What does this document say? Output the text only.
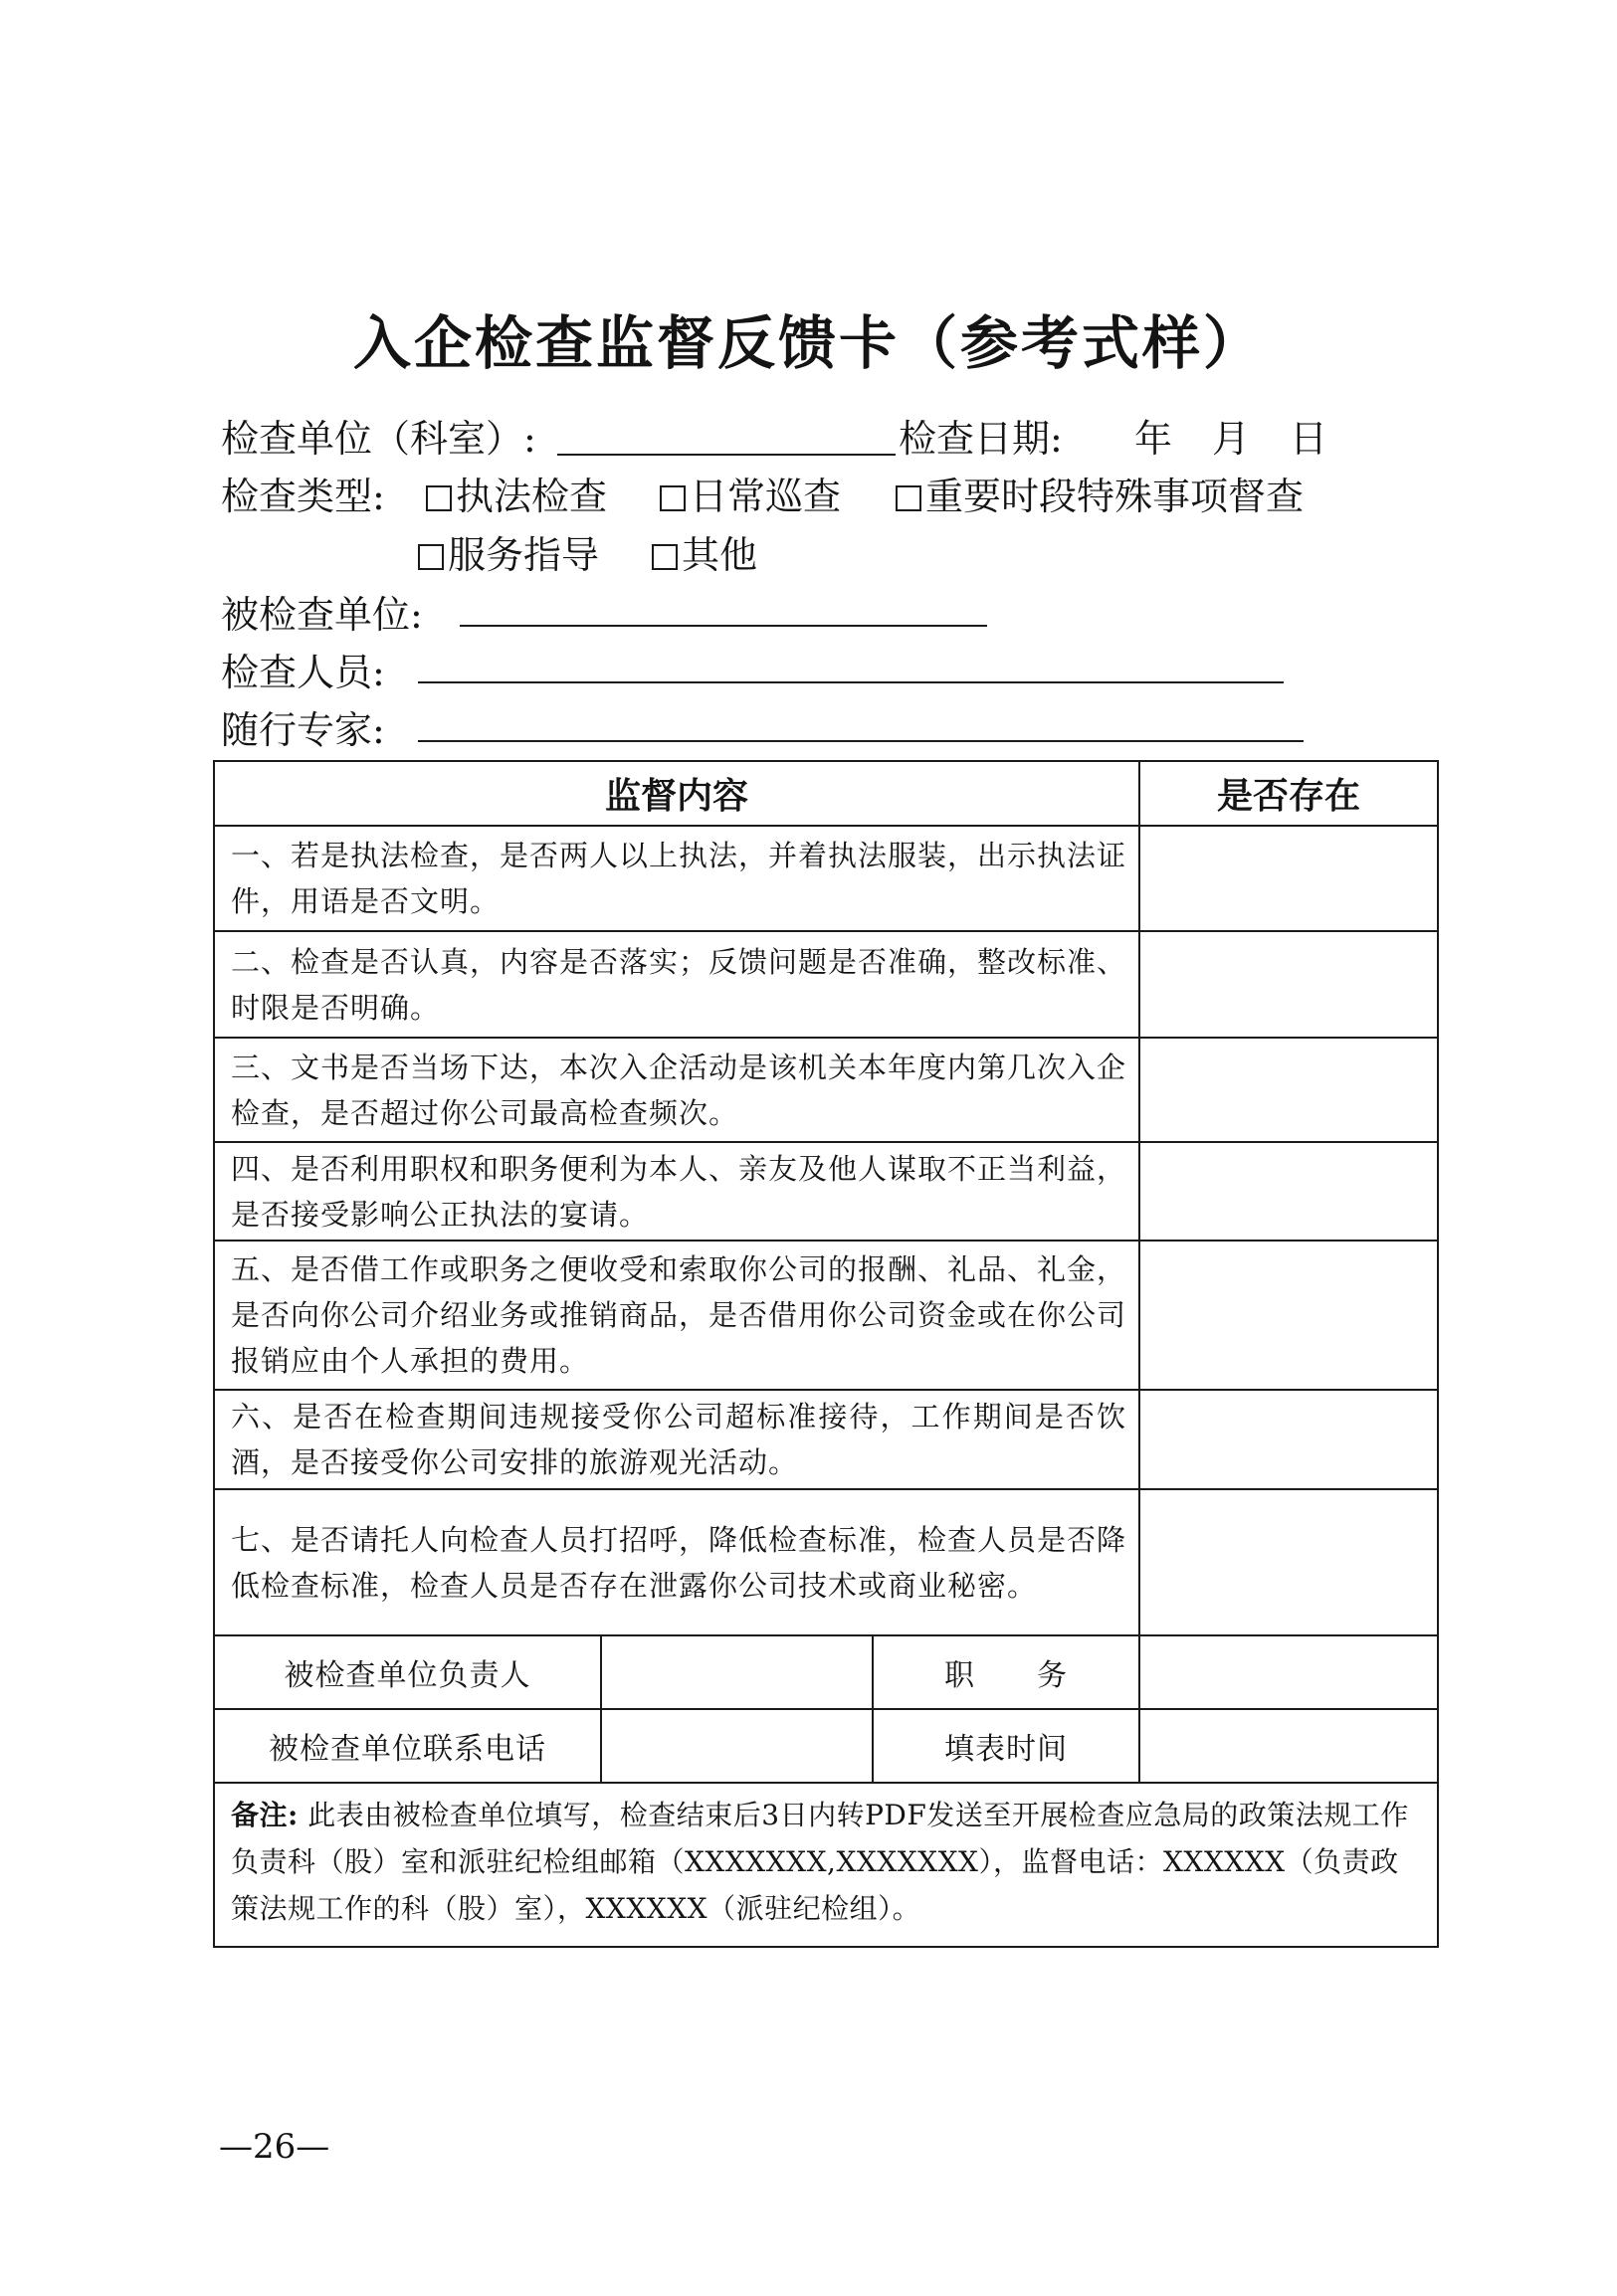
入企检查监督反馈卡（参考式样）
检查单位（科室）:	检查日期: 年 月 日
检查类型:	执法检查	日常巡查	重要时段特殊事项督查
服务指导	其他
被检查单位:
检查人员:
随行专家:
监督内容			是否存在
一、若是执法检查，是否两人以上执法，并着执法服装，出示执法证件，用语是否文明。			
二、检查是否认真，内容是否落实；反馈问题是否准确，整改标准、时限是否明确。			
三、文书是否当场下达，本次入企活动是该机关本年度内第几次入企检查，是否超过你公司最高检查频次。			
四、是否利用职权和职务便利为本人、亲友及他人谋取不正当利益，是否接受影响公正执法的宴请。			
五、是否借工作或职务之便收受和索取你公司的报酬、礼品、礼金，是否向你公司介绍业务或推销商品，是否借用你公司资金或在你公司报销应由个人承担的费用。			
六、是否在检查期间违规接受你公司超标准接待，工作期间是否饮酒，是否接受你公司安排的旅游观光活动。			
七、是否请托人向检查人员打招呼，降低检查标准，检查人员是否降低检查标准，检查人员是否存在泄露你公司技术或商业秘密。			
被检查单位负责人		职　　务	
被检查单位联系电话		填表时间	
备注: 此表由被检查单位填写，检查结束后3日内转PDF发送至开展检查应急局的政策法规工作负责科（股）室和派驻纪检组邮箱（XXXXXXX,XXXXXXX），监督电话：XXXXXX（负责政策法规工作的科（股）室），XXXXXX（派驻纪检组）。			
—26—
